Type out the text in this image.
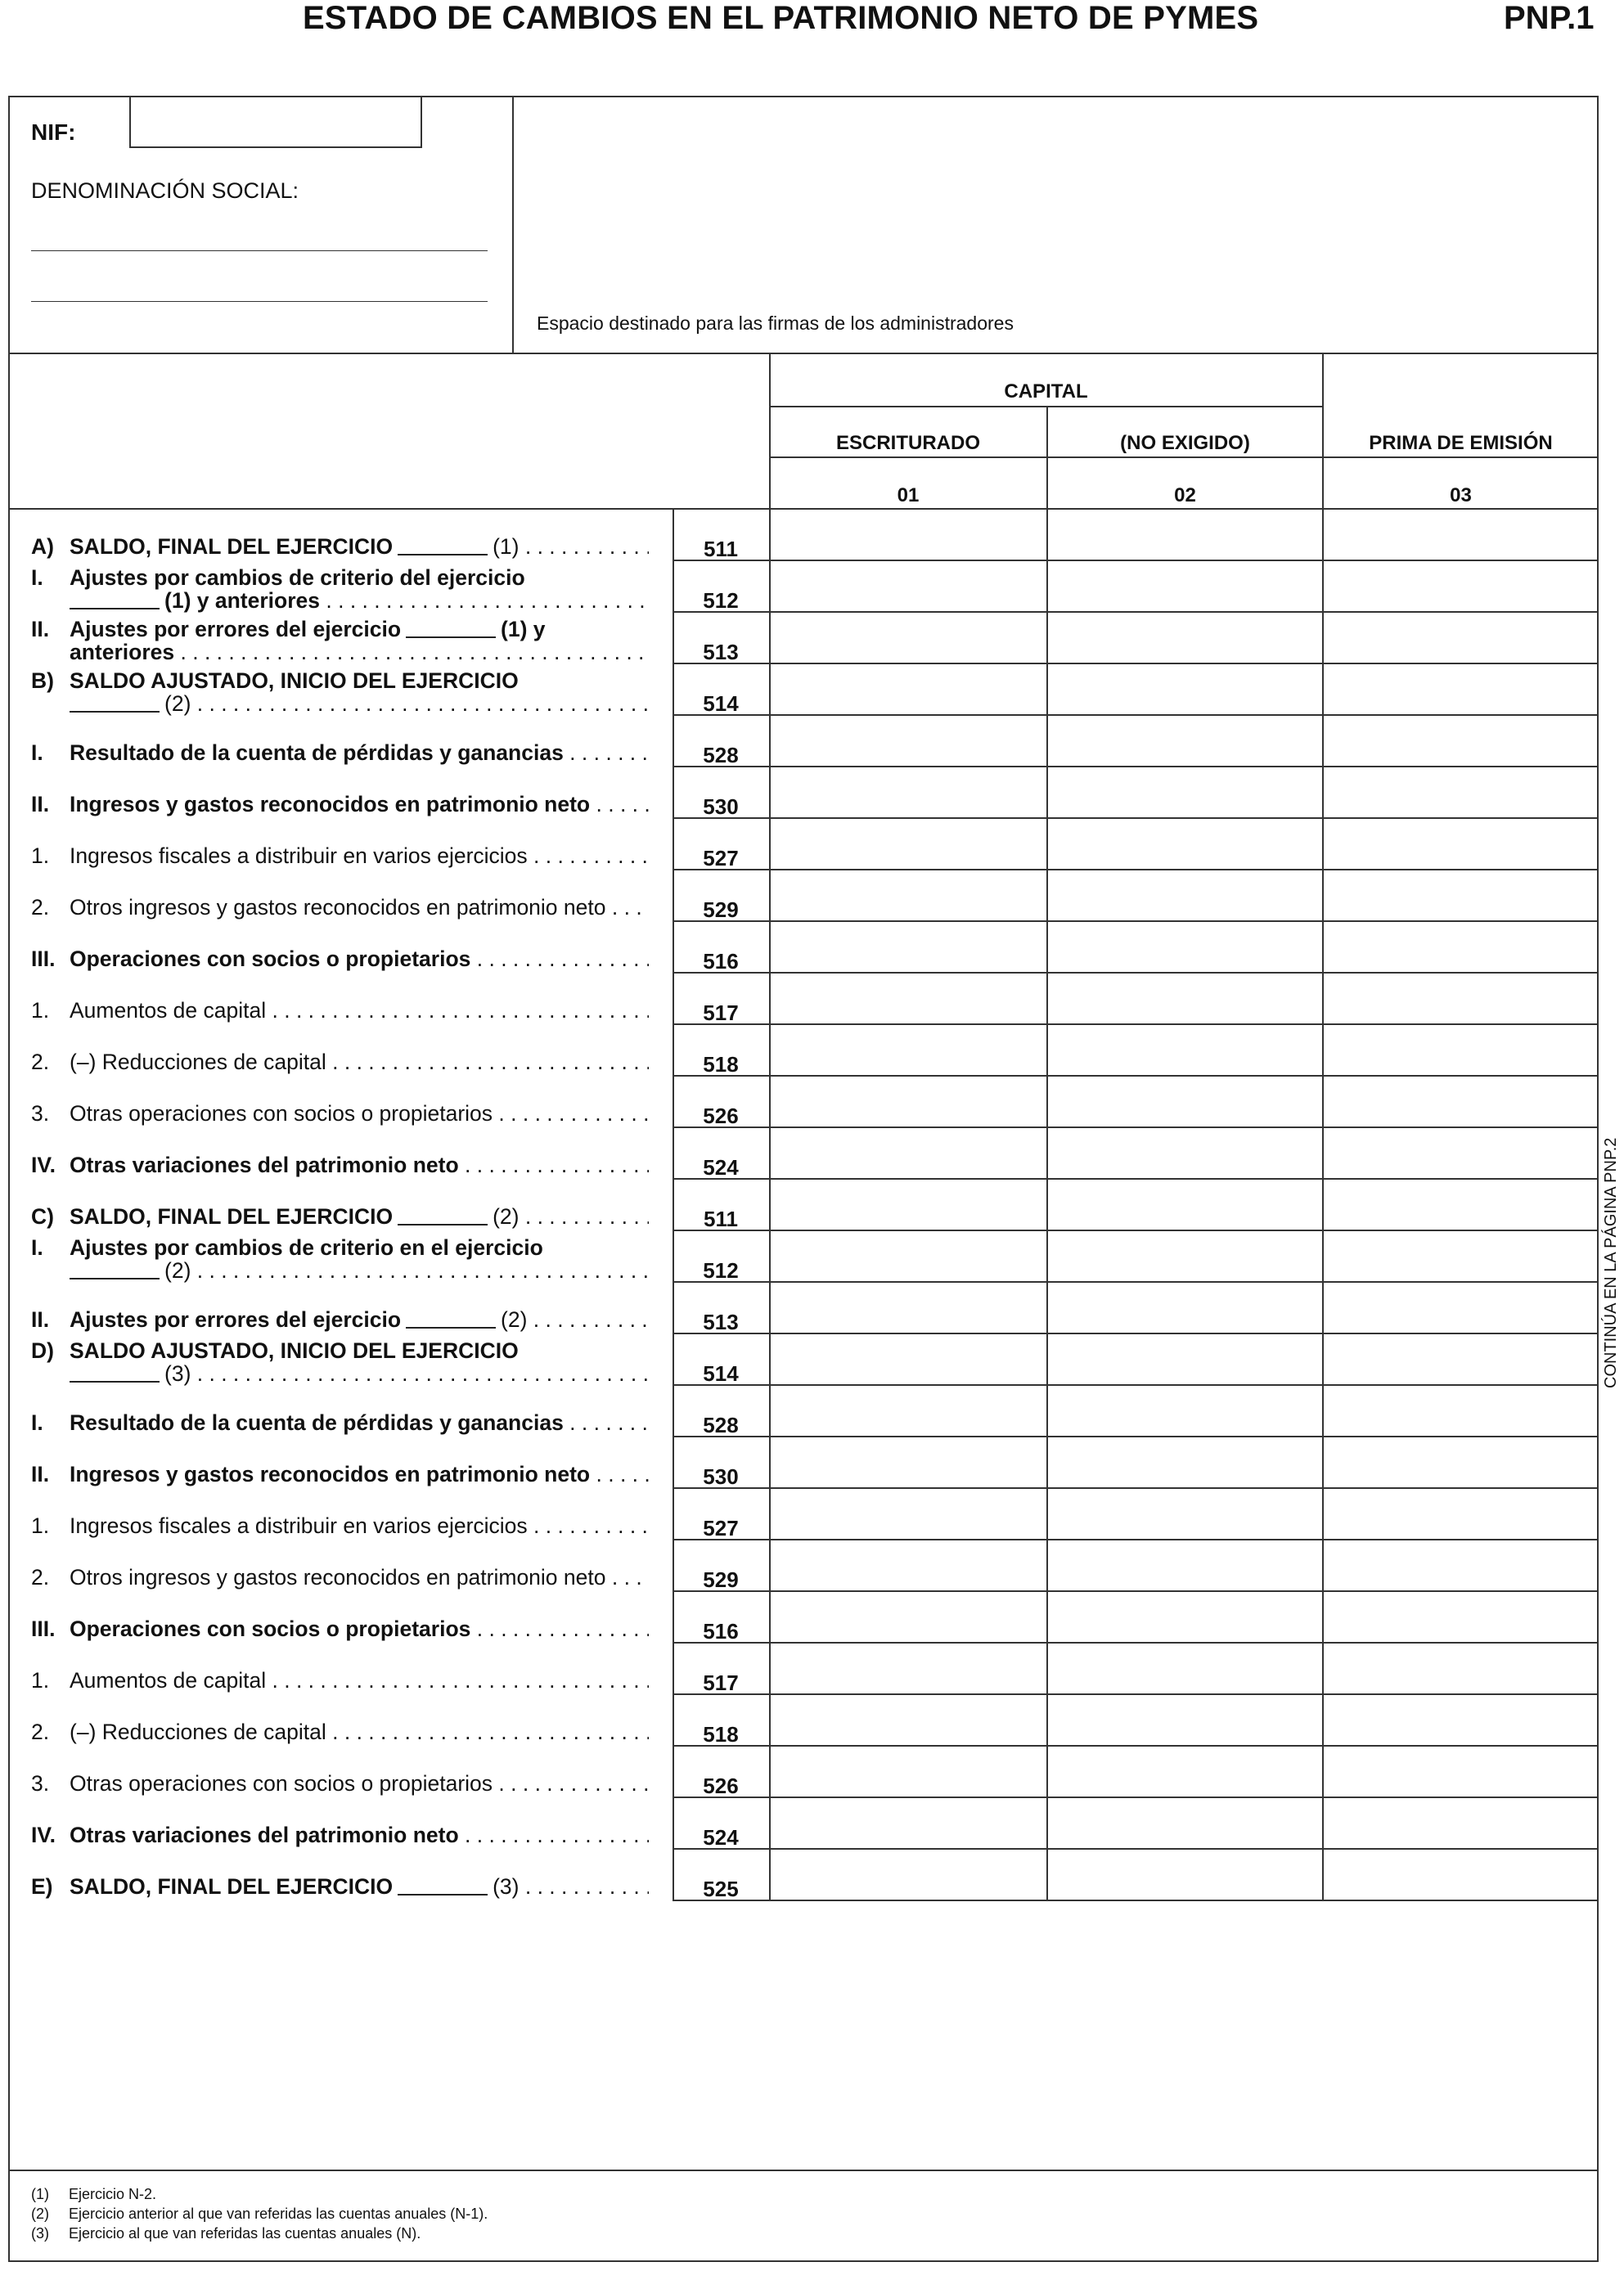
ESTADO DE CAMBIOS EN EL PATRIMONIO NETO DE PYMES	PNP.1
NIF:
DENOMINACIÓN SOCIAL:
Espacio destinado para las firmas de los administradores
CAPITAL
ESCRITURADO	(NO EXIGIDO)	PRIMA DE EMISIÓN
01	02	03
A) SALDO, FINAL DEL EJERCICIO	(1) . . .	511
I. Ajustes por cambios de criterio del ejercicio
(1) y anteriores . . .	512
II. Ajustes por errores del ejercicio	(1) y
anteriores . . .	513
B) SALDO AJUSTADO, INICIO DEL EJERCICIO
(2) . . .	514
I. Resultado de la cuenta de pérdidas y ganancias . . .	528
II. Ingresos y gastos reconocidos en patrimonio neto . . .	530
1. Ingresos fiscales a distribuir en varios ejercicios . . .	527
2. Otros ingresos y gastos reconocidos en patrimonio neto . . .	529
III. Operaciones con socios o propietarios . . .	516
1. Aumentos de capital . . .	517
2. (–) Reducciones de capital . . .	518
3. Otras operaciones con socios o propietarios . . .	526
IV. Otras variaciones del patrimonio neto . . .	524
C) SALDO, FINAL DEL EJERCICIO	(2) . . .	511
I. Ajustes por cambios de criterio en el ejercicio
(2) . . .	512
II. Ajustes por errores del ejercicio	(2) . . .	513
D) SALDO AJUSTADO, INICIO DEL EJERCICIO
(3) . . .	514
I. Resultado de la cuenta de pérdidas y ganancias . . .	528
II. Ingresos y gastos reconocidos en patrimonio neto . . .	530
1. Ingresos fiscales a distribuir en varios ejercicios . . .	527
2. Otros ingresos y gastos reconocidos en patrimonio neto . . .	529
III. Operaciones con socios o propietarios . . .	516
1. Aumentos de capital . . .	517
2. (–) Reducciones de capital . . .	518
3. Otras operaciones con socios o propietarios . . .	526
IV. Otras variaciones del patrimonio neto . . .	524
E) SALDO, FINAL DEL EJERCICIO	(3) . . .	525
(1) Ejercicio N-2.
(2) Ejercicio anterior al que van referidas las cuentas anuales (N-1).
(3) Ejercicio al que van referidas las cuentas anuales (N).
CONTINÚA EN LA PÁGINA PNP.2
